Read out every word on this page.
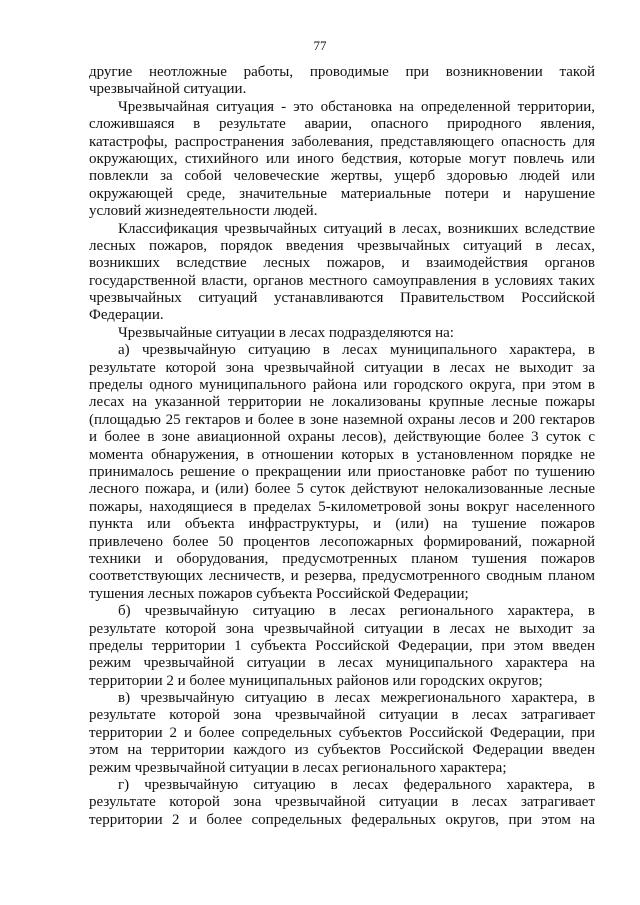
77
другие неотложные работы, проводимые при возникновении такой
чрезвычайной ситуации.
Чрезвычайная ситуация - это обстановка на определенной территории,
сложившаяся в результате аварии, опасного природного явления,
катастрофы, распространения заболевания, представляющего опасность для
окружающих, стихийного или иного бедствия, которые могут повлечь или
повлекли за собой человеческие жертвы, ущерб здоровью людей или
окружающей среде, значительные материальные потери и нарушение
условий жизнедеятельности людей.
Классификация чрезвычайных ситуаций в лесах, возникших вследствие
лесных пожаров, порядок введения чрезвычайных ситуаций в лесах,
возникших вследствие лесных пожаров, и взаимодействия органов
государственной власти, органов местного самоуправления в условиях таких
чрезвычайных ситуаций устанавливаются Правительством Российской
Федерации.
Чрезвычайные ситуации в лесах подразделяются на:
а) чрезвычайную ситуацию в лесах муниципального характера, в
результате которой зона чрезвычайной ситуации в лесах не выходит за
пределы одного муниципального района или городского округа, при этом в
лесах на указанной территории не локализованы крупные лесные пожары
(площадью 25 гектаров и более в зоне наземной охраны лесов и 200 гектаров
и более в зоне авиационной охраны лесов), действующие более 3 суток с
момента обнаружения, в отношении которых в установленном порядке не
принималось решение о прекращении или приостановке работ по тушению
лесного пожара, и (или) более 5 суток действуют нелокализованные лесные
пожары, находящиеся в пределах 5-километровой зоны вокруг населенного
пункта или объекта инфраструктуры, и (или) на тушение пожаров
привлечено более 50 процентов лесопожарных формирований, пожарной
техники и оборудования, предусмотренных планом тушения пожаров
соответствующих лесничеств, и резерва, предусмотренного сводным планом
тушения лесных пожаров субъекта Российской Федерации;
б) чрезвычайную ситуацию в лесах регионального характера, в
результате которой зона чрезвычайной ситуации в лесах не выходит за
пределы территории 1 субъекта Российской Федерации, при этом введен
режим чрезвычайной ситуации в лесах муниципального характера на
территории 2 и более муниципальных районов или городских округов;
в) чрезвычайную ситуацию в лесах межрегионального характера, в
результате которой зона чрезвычайной ситуации в лесах затрагивает
территории 2 и более сопредельных субъектов Российской Федерации, при
этом на территории каждого из субъектов Российской Федерации введен
режим чрезвычайной ситуации в лесах регионального характера;
г) чрезвычайную ситуацию в лесах федерального характера, в
результате которой зона чрезвычайной ситуации в лесах затрагивает
территории 2 и более сопредельных федеральных округов, при этом на
